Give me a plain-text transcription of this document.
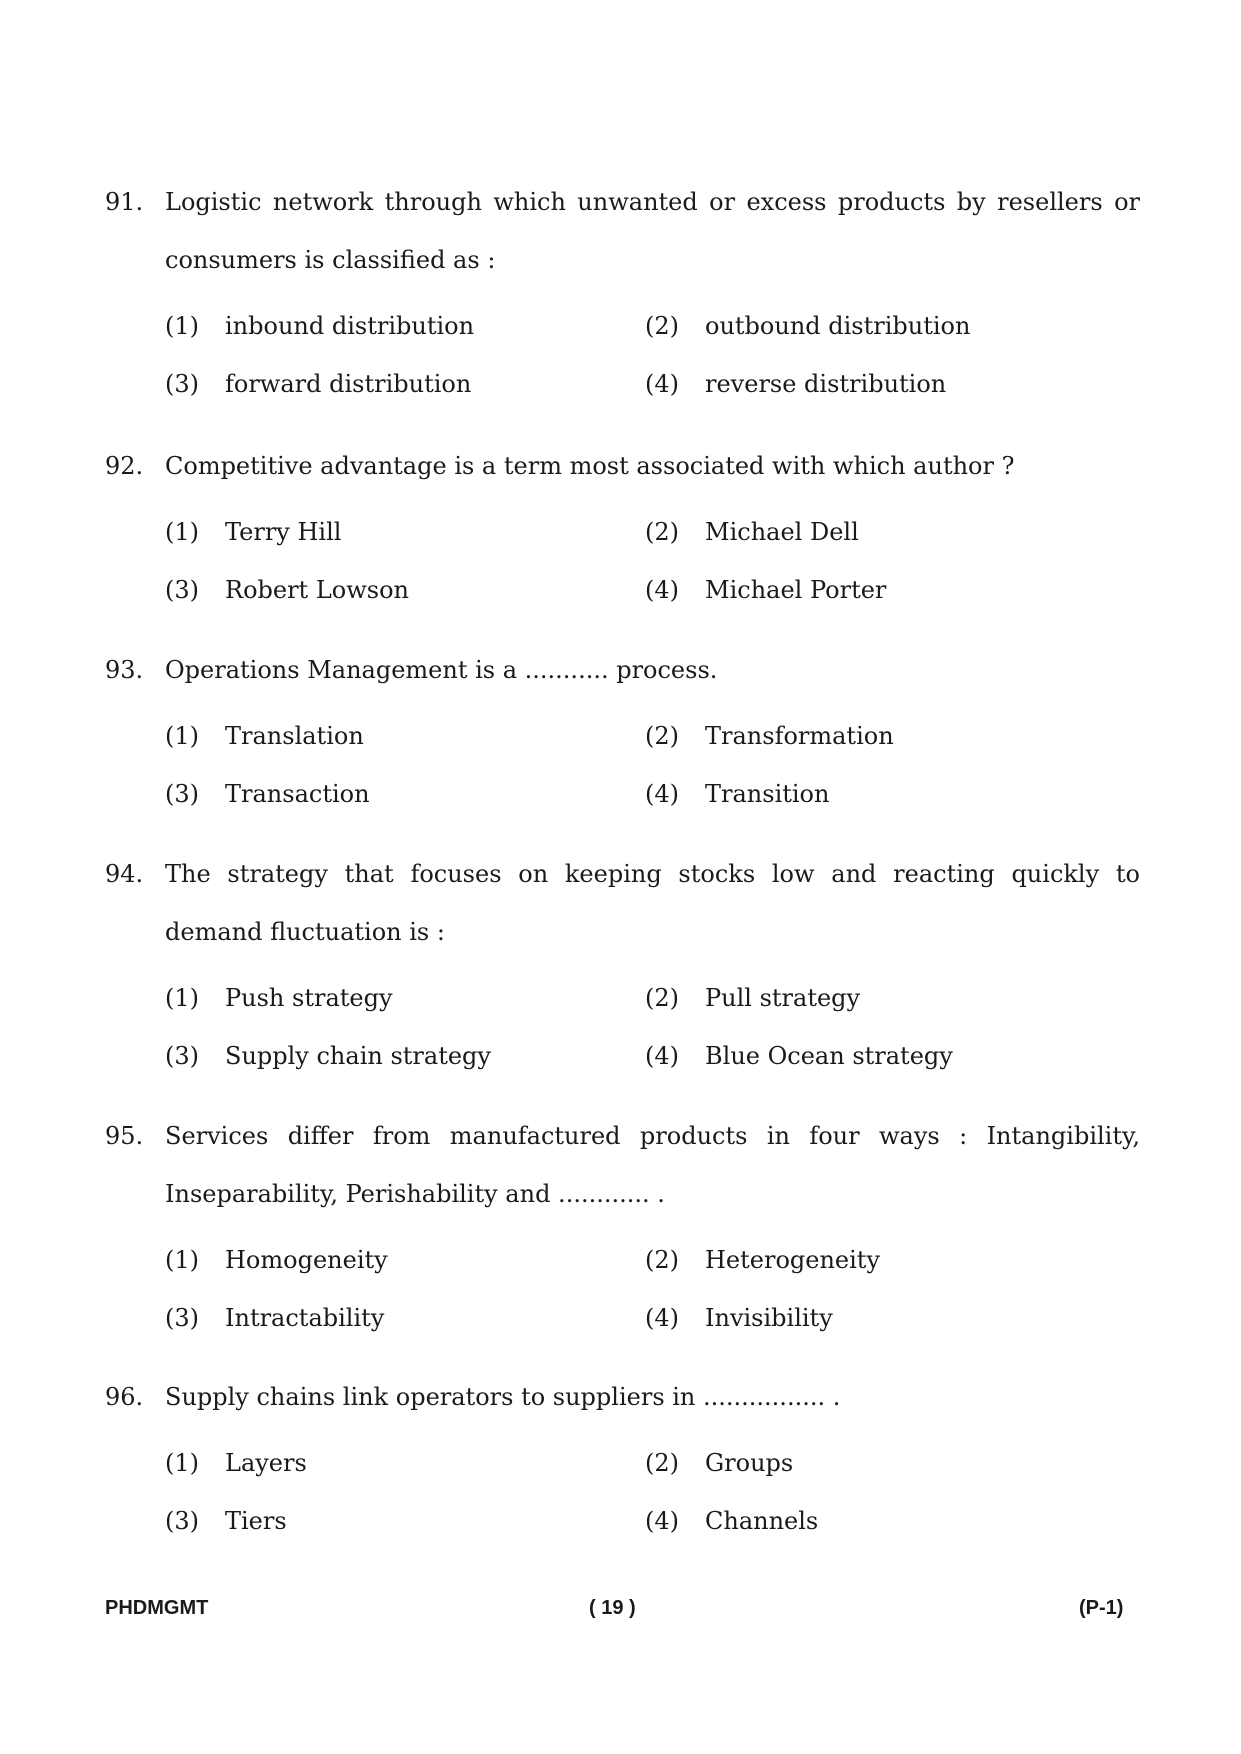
91. Logistic network through which unwanted or excess products by resellers or consumers is classified as :
(1) inbound distribution	(2) outbound distribution
(3) forward distribution	(4) reverse distribution
92. Competitive advantage is a term most associated with which author ?
(1) Terry Hill	(2) Michael Dell
(3) Robert Lowson	(4) Michael Porter
93. Operations Management is a ........... process.
(1) Translation	(2) Transformation
(3) Transaction	(4) Transition
94. The strategy that focuses on keeping stocks low and reacting quickly to demand fluctuation is :
(1) Push strategy	(2) Pull strategy
(3) Supply chain strategy	(4) Blue Ocean strategy
95. Services differ from manufactured products in four ways : Intangibility, Inseparability, Perishability and ............ .
(1) Homogeneity	(2) Heterogeneity
(3) Intractability	(4) Invisibility
96. Supply chains link operators to suppliers in ................ .
(1) Layers	(2) Groups
(3) Tiers	(4) Channels
PHDMGMT	( 19 )	(P-1)
